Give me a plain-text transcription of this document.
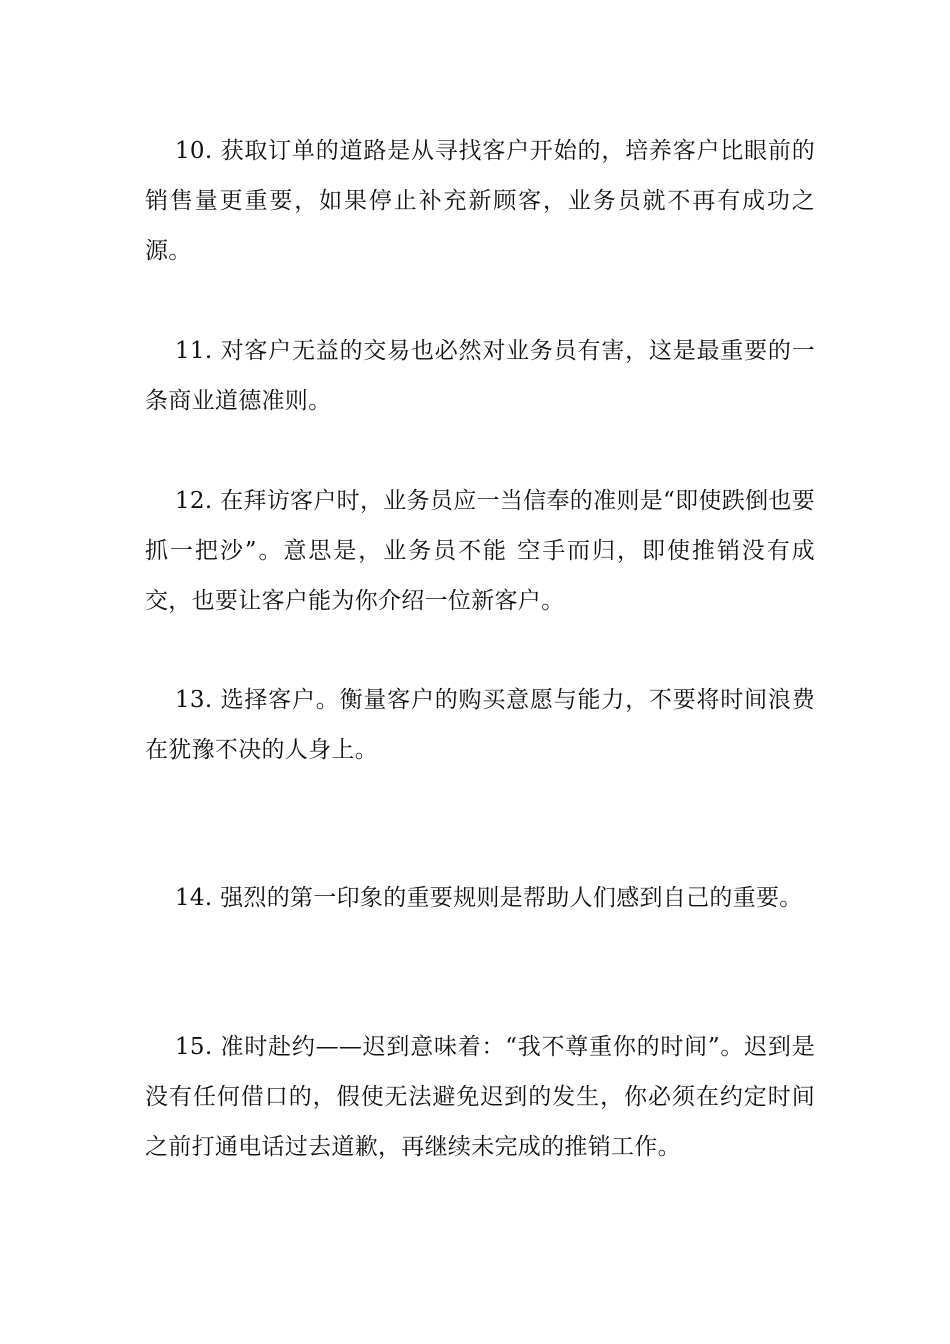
10. 获取订单的道路是从寻找客户开始的，培养客户比眼前的销售量更重要，如果停止补充新顾客，业务员就不再有成功之源。

11. 对客户无益的交易也必然对业务员有害，这是最重要的一条商业道德准则。

12. 在拜访客户时，业务员应一当信奉的准则是“即使跌倒也要抓一把沙”。意思是，业务员不能 空手而归，即使推销没有成交，也要让客户能为你介绍一位新客户。

13. 选择客户。衡量客户的购买意愿与能力，不要将时间浪费在犹豫不决的人身上。

14. 强烈的第一印象的重要规则是帮助人们感到自己的重要。

15. 准时赴约——迟到意味着：“我不尊重你的时间”。迟到是没有任何借口的，假使无法避免迟到的发生，你必须在约定时间之前打通电话过去道歉，再继续未完成的推销工作。
